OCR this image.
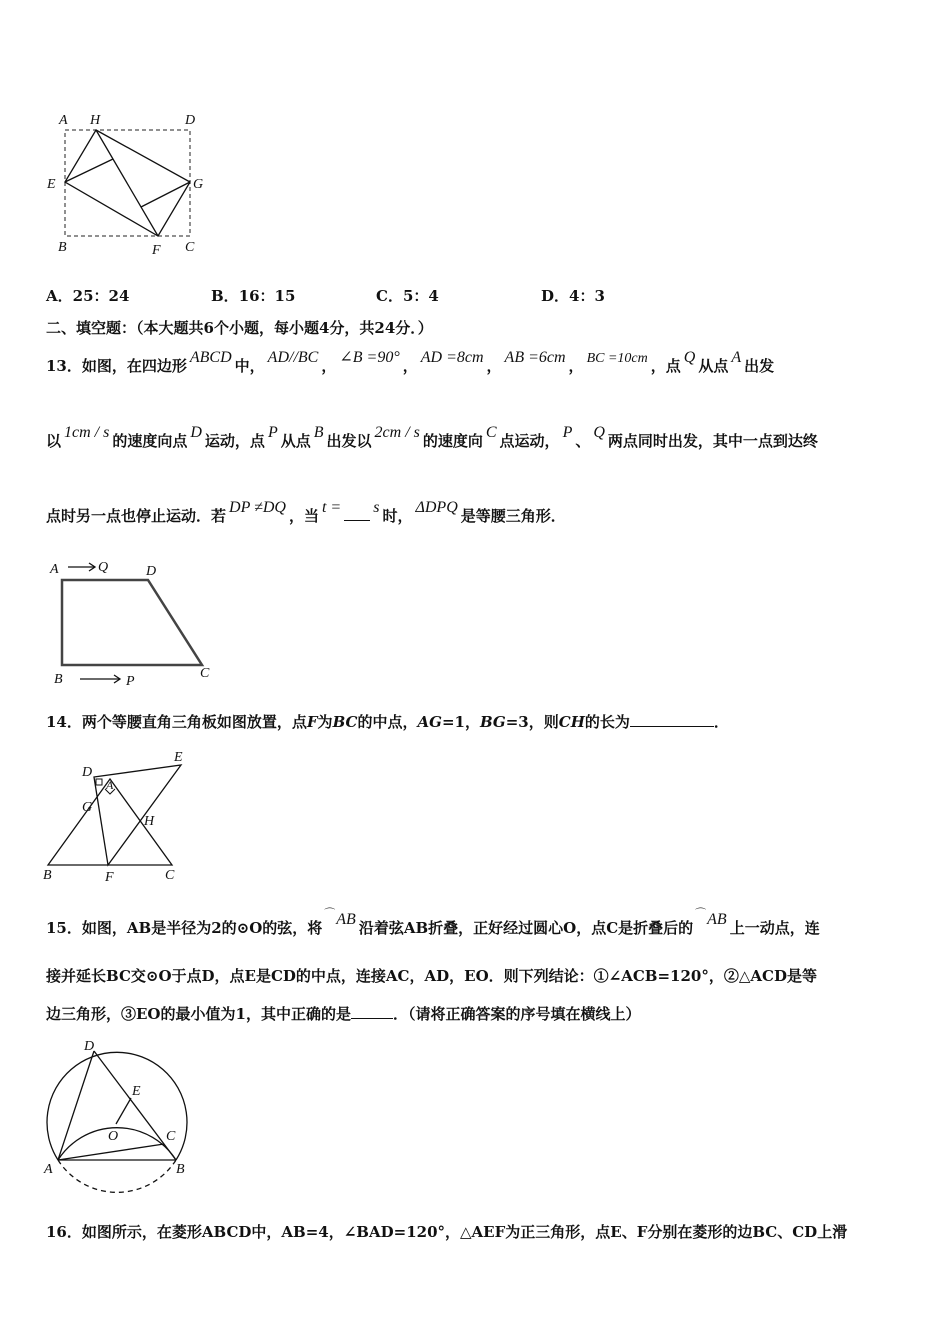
A H	D
E	G
B	F C
A．25：24	B．16：15	C．5：4	D．4：3
二、填空题：（本大题共6个小题，每小题4分，共24分．）
13．如图，在四边形 ABCD 中， AD//BC ， ∠B =90° ， AD =8cm ， AB =6cm ， BC =10cm ，点 Q 从点 A 出发
以 1cm / s 的速度向点 D 运动，点 P 从点 B 出发以 2cm / s 的速度向 C 点运动， P 、 Q 两点同时出发，其中一点到达终
点时另一点也停止运动．若 DP ≠DQ ，当 t = s 时， ΔDPQ 是等腰三角形．
A	Q	D
B	P
C
14．两个等腰直角三角板如图放置，点F为BC的中点，AG=1，BG=3，则CH的长为	．
D
E
A
G
H
B	F	C
15．如图，AB是半径为2的⊙O的弦，将⌒AB 沿着弦AB折叠，正好经过圆心O，点C是折叠后的⌒AB 上一动点，连
接并延长BC交⊙O于点D，点E是CD的中点，连接AC，AD，EO．则下列结论：①∠ACB=120°，②△ACD是等
边三角形，③EO的最小值为1，其中正确的是	．（请将正确答案的序号填在横线上）
D
E
O	C
A	B
16．如图所示，在菱形ABCD中，AB=4，∠BAD=120°，△AEF为正三角形，点E、F分别在菱形的边BC、CD上滑
